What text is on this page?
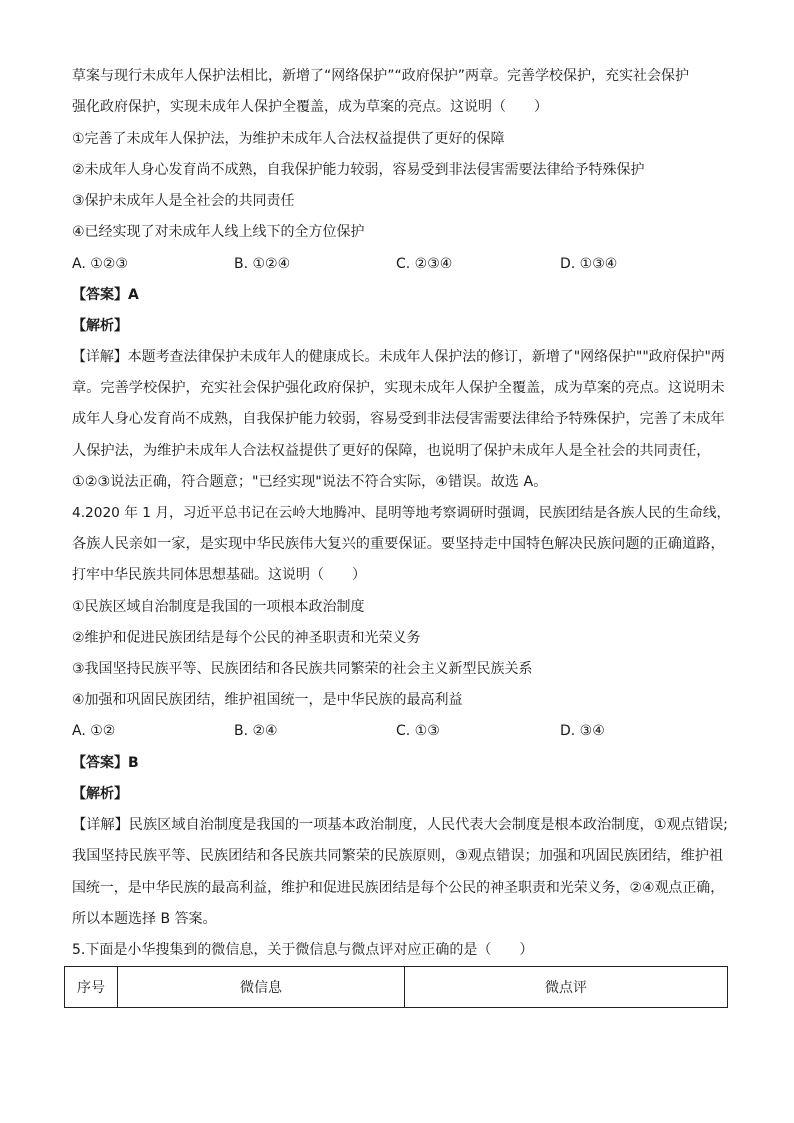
草案与现行未成年人保护法相比，新增了“网络保护”“政府保护”两章。完善学校保护，充实社会保护
强化政府保护，实现未成年人保护全覆盖，成为草案的亮点。这说明（　　）
①完善了未成年人保护法，为维护未成年人合法权益提供了更好的保障
②未成年人身心发育尚不成熟，自我保护能力较弱，容易受到非法侵害需要法律给予特殊保护
③保护未成年人是全社会的共同责任
④已经实现了对未成年人线上线下的全方位保护
A. ①②③	B. ①②④	C. ②③④	D. ①③④
【答案】A
【解析】
【详解】本题考查法律保护未成年人的健康成长。未成年人保护法的修订，新增了"网络保护""政府保护"两
章。完善学校保护，充实社会保护强化政府保护，实现未成年人保护全覆盖，成为草案的亮点。这说明未
成年人身心发育尚不成熟，自我保护能力较弱，容易受到非法侵害需要法律给予特殊保护，完善了未成年
人保护法，为维护未成年人合法权益提供了更好的保障，也说明了保护未成年人是全社会的共同责任，
①②③说法正确，符合题意；"已经实现"说法不符合实际，④错误。故选 A。
4.2020 年 1 月，习近平总书记在云岭大地腾冲、昆明等地考察调研时强调，民族团结是各族人民的生命线，
各族人民亲如一家，是实现中华民族伟大复兴的重要保证。要坚持走中国特色解决民族问题的正确道路，
打牢中华民族共同体思想基础。这说明（　　）
①民族区域自治制度是我国的一项根本政治制度
②维护和促进民族团结是每个公民的神圣职责和光荣义务
③我国坚持民族平等、民族团结和各民族共同繁荣的社会主义新型民族关系
④加强和巩固民族团结，维护祖国统一，是中华民族的最高利益
A. ①②	B. ②④	C. ①③	D. ③④
【答案】B
【解析】
【详解】民族区域自治制度是我国的一项基本政治制度，人民代表大会制度是根本政治制度，①观点错误;
我国坚持民族平等、民族团结和各民族共同繁荣的民族原则，③观点错误；加强和巩固民族团结，维护祖
国统一，是中华民族的最高利益，维护和促进民族团结是每个公民的神圣职责和光荣义务，②④观点正确，
所以本题选择 B 答案。
5.下面是小华搜集到的微信息，关于微信息与微点评对应正确的是（　　）
序号	微信息	微点评
